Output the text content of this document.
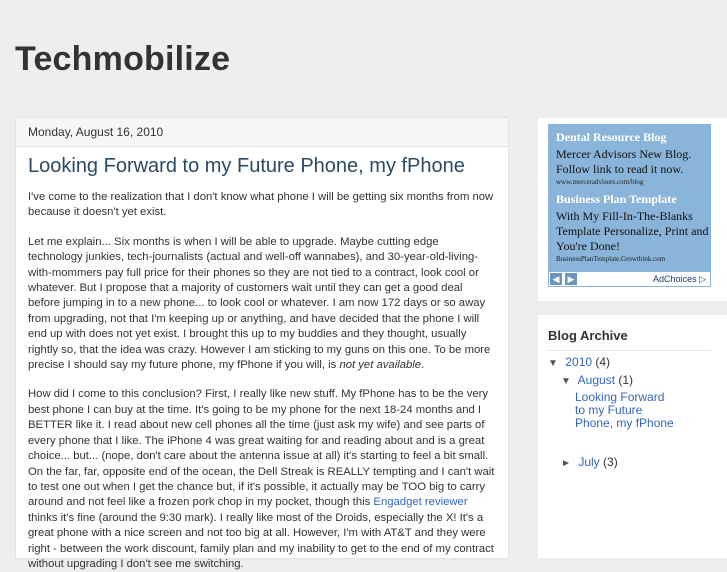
Techmobilize
Monday, August 16, 2010
Looking Forward to my Future Phone, my fPhone

I've come to the realization that I don't know what phone I will be getting six months from now because it doesn't yet exist.

Let me explain... Six months is when I will be able to upgrade. Maybe cutting edge technology junkies, tech-journalists (actual and well-off wannabes), and 30-year-old-living-with-mommers pay full price for their phones so they are not tied to a contract, look cool or whatever. But I propose that a majority of customers wait until they can get a good deal before jumping in to a new phone... to look cool or whatever. I am now 172 days or so away from upgrading, not that I'm keeping up or anything, and have decided that the phone I will end up with does not yet exist. I brought this up to my buddies and they thought, usually rightly so, that the idea was crazy. However I am sticking to my guns on this one. To be more precise I should say my future phone, my fPhone if you will, is not yet available.

How did I come to this conclusion? First, I really like new stuff. My fPhone has to be the very best phone I can buy at the time. It's going to be my phone for the next 18-24 months and I BETTER like it. I read about new cell phones all the time (just ask my wife) and see parts of every phone that I like. The iPhone 4 was great waiting for and reading about and is a great choice... but... (nope, don't care about the antenna issue at all) it's starting to feel a bit small. On the far, far, opposite end of the ocean, the Dell Streak is REALLY tempting and I can't wait to test one out when I get the chance but, if it's possible, it actually may be TOO big to carry around and not feel like a frozen pork chop in my pocket, though this Engadget reviewer thinks it's fine (around the 9:30 mark). I really like most of the Droids, especially the X! It's a great phone with a nice screen and not too big at all. However, I'm with AT&T and they were right - between the work discount, family plan and my inability to get to the end of my contract without upgrading I don't see me switching.

Dental Resource Blog
Mercer Advisors New Blog. Follow link to read it now.
www.merceradvisors.com/blog
Business Plan Template
With My Fill-In-The-Blanks Template Personalize, Print and You're Done!
BusinessPlanTemplate.Growthink.com
◀ ▶	AdChoices ▷
Blog Archive
▼ 2010 (4)
▼ August (1)
Looking Forward to my Future Phone, my fPhone
► July (3)
